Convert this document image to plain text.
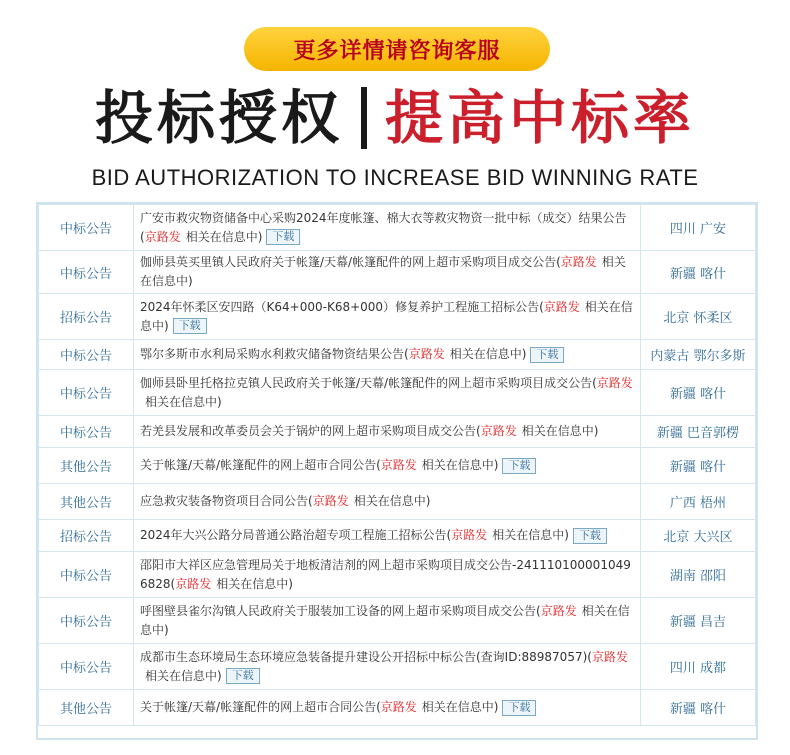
更多详情请咨询客服
投标授权 提高中标率
BID AUTHORIZATION TO INCREASE BID WINNING RATE
中标公告	广安市救灾物资储备中心采购2024年度帐篷、棉大衣等救灾物资一批中标（成交）结果公告(京路发 相关在信息中) 下载	四川 广安
中标公告	伽师县英买里镇人民政府关于帐篷/天幕/帐篷配件的网上超市采购项目成交公告(京路发 相关在信息中)	新疆 喀什
招标公告	2024年怀柔区安四路（K64+000-K68+000）修复养护工程施工招标公告(京路发 相关在信息中) 下载	北京 怀柔区
中标公告	鄂尔多斯市水利局采购水利救灾储备物资结果公告(京路发 相关在信息中) 下载	内蒙古 鄂尔多斯
中标公告	伽师县卧里托格拉克镇人民政府关于帐篷/天幕/帐篷配件的网上超市采购项目成交公告(京路发相关在信息中)	新疆 喀什
中标公告	若羌县发展和改革委员会关于锅炉的网上超市采购项目成交公告(京路发 相关在信息中)	新疆 巴音郭楞
其他公告	关于帐篷/天幕/帐篷配件的网上超市合同公告(京路发 相关在信息中) 下载	新疆 喀什
其他公告	应急救灾装备物资项目合同公告(京路发 相关在信息中)	广西 梧州
招标公告	2024年大兴公路分局普通公路治超专项工程施工招标公告(京路发 相关在信息中) 下载	北京 大兴区
中标公告	邵阳市大祥区应急管理局关于地板清洁剂的网上超市采购项目成交公告-2411101000010496828(京路发 相关在信息中)	湖南 邵阳
中标公告	呼图壁县雀尔沟镇人民政府关于服装加工设备的网上超市采购项目成交公告(京路发 相关在信息中)	新疆 昌吉
中标公告	成都市生态环境局生态环境应急装备提升建设公开招标中标公告(查询ID:88987057)(京路发相关在信息中) 下载	四川 成都
其他公告	关于帐篷/天幕/帐篷配件的网上超市合同公告(京路发 相关在信息中) 下载	新疆 喀什
